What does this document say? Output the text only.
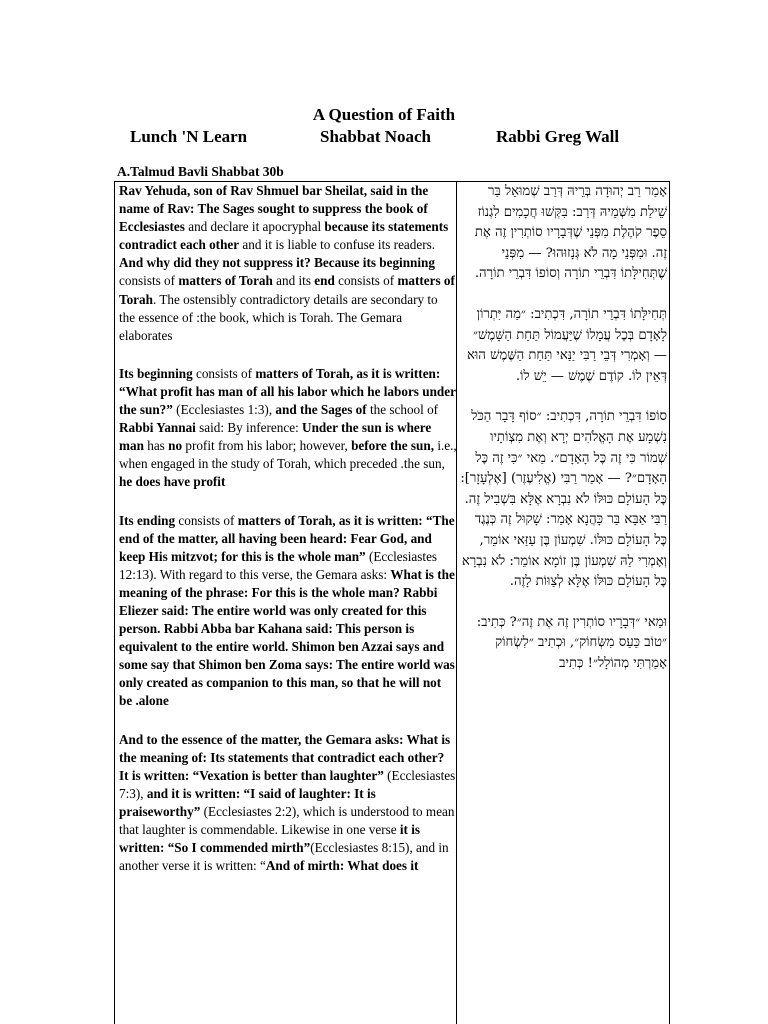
A Question of Faith
Lunch 'N Learn	Shabbat Noach	Rabbi Greg Wall
A.Talmud Bavli Shabbat 30b

Rav Yehuda, son of Rav Shmuel bar Sheilat, said in the name of Rav: The Sages sought to suppress the book of Ecclesiastes and declare it apocryphal because its statements contradict each other and it is liable to confuse its readers. And why did they not suppress it? Because its beginning consists of matters of Torah and its end consists of matters of Torah. The ostensibly contradictory details are secondary to the essence of :the book, which is Torah. The Gemara elaborates

Its beginning consists of matters of Torah, as it is written: “What profit has man of all his labor which he labors under the sun?” (Ecclesiastes 1:3), and the Sages of the school of Rabbi Yannai said: By inference: Under the sun is where man has no profit from his labor; however, before the sun, i.e., when engaged in the study of Torah, which preceded .the sun, he does have profit

Its ending consists of matters of Torah, as it is written: “The end of the matter, all having been heard: Fear God, and keep His mitzvot; for this is the whole man” (Ecclesiastes 12:13). With regard to this verse, the Gemara asks: What is the meaning of the phrase: For this is the whole man? Rabbi Eliezer said: The entire world was only created for this person. Rabbi Abba bar Kahana said: This person is equivalent to the entire world. Shimon ben Azzai says and some say that Shimon ben Zoma says: The entire world was only created as companion to this man, so that he will not be .alone

And to the essence of the matter, the Gemara asks: What is the meaning of: Its statements that contradict each other? It is written: “Vexation is better than laughter” (Ecclesiastes 7:3), and it is written: “I said of laughter: It is praiseworthy” (Ecclesiastes 2:2), which is understood to mean that laughter is commendable. Likewise in one verse it is written: “So I commended mirth”(Ecclesiastes 8:15), and in another verse it is written: “And of mirth: What does it

אָמַר רַב יְהוּדָה בְּרֵיהּ דְּרַב שְׁמוּאֵל בַּר שֵׁילַת מִשְּׁמֵיהּ דְּרַב: בִּקְּשׁוּ חֲכָמִים לִגְנוֹז סֵפֶר קֹהֶלֶת מִפְּנֵי שֶׁדְּבָרָיו סוֹתְרִין זֶה אֶת זֶה. וּמִפְּנֵי מָה לֹא גְּנָזוּהוּ? — מִפְּנֵי שֶׁתְּחִילָּתוֹ דִּבְרֵי תוֹרָה וְסוֹפוֹ דִּבְרֵי תוֹרָה.

תְּחִילָּתוֹ דִּבְרֵי תוֹרָה, דִּכְתִיב: ״מַה יִּתְרוֹן לָאָדָם בְּכׇל עֲמָלוֹ שֶׁיַּעֲמוֹל תַּחַת הַשָּׁמֶשׁ״ — וְאָמְרִי דְּבֵי רַבִּי יַנַּאי תַּחַת הַשֶּׁמֶשׁ הוּא דְּאֵין לוֹ. קוֹדֶם שֶׁמֶשׁ — יֵשׁ לוֹ.

סוֹפוֹ דִּבְרֵי תוֹרָה, דִּכְתִיב: ״סוֹף דָּבָר הַכֹּל נִשְׁמָע אֶת הָאֱלֹהִים יְרָא וְאֶת מִצְוֹתָיו שְׁמוֹר כִּי זֶה כׇּל הָאָדָם״. מַאי ״כִּי זֶה כׇּל הָאָדָם״? — אָמַר רַבִּי (אֱלִיעֶזֶר) [אֶלְעָזָר]: כׇּל הָעוֹלָם כּוּלּוֹ לֹא נִבְרָא אֶלָּא בִּשְׁבִיל זֶה. רַבִּי אַבָּא בַּר כָּהֲנָא אָמַר: שָׁקוּל זֶה כְּנֶגֶד כׇּל הָעוֹלָם כּוּלּוֹ. שִׁמְעוֹן בֶּן עַזַּאי אוֹמֵר, וְאָמְרִי לַהּ שִׁמְעוֹן בֶּן זוֹמָא אוֹמֵר: לֹא נִבְרָא כׇּל הָעוֹלָם כּוּלּוֹ אֶלָּא לְצַוּוֹת לָזֶה.

וּמַאי ״דְּבָרָיו סוֹתְרִין זֶה אֶת זֶה״? כְּתִיב: ״טוֹב כַּעַס מִשְּׂחוֹק״, וּכְתִיב ״לִשְׂחוֹק אָמַרְתִּי מְהוֹלָל״! כְּתִיב
